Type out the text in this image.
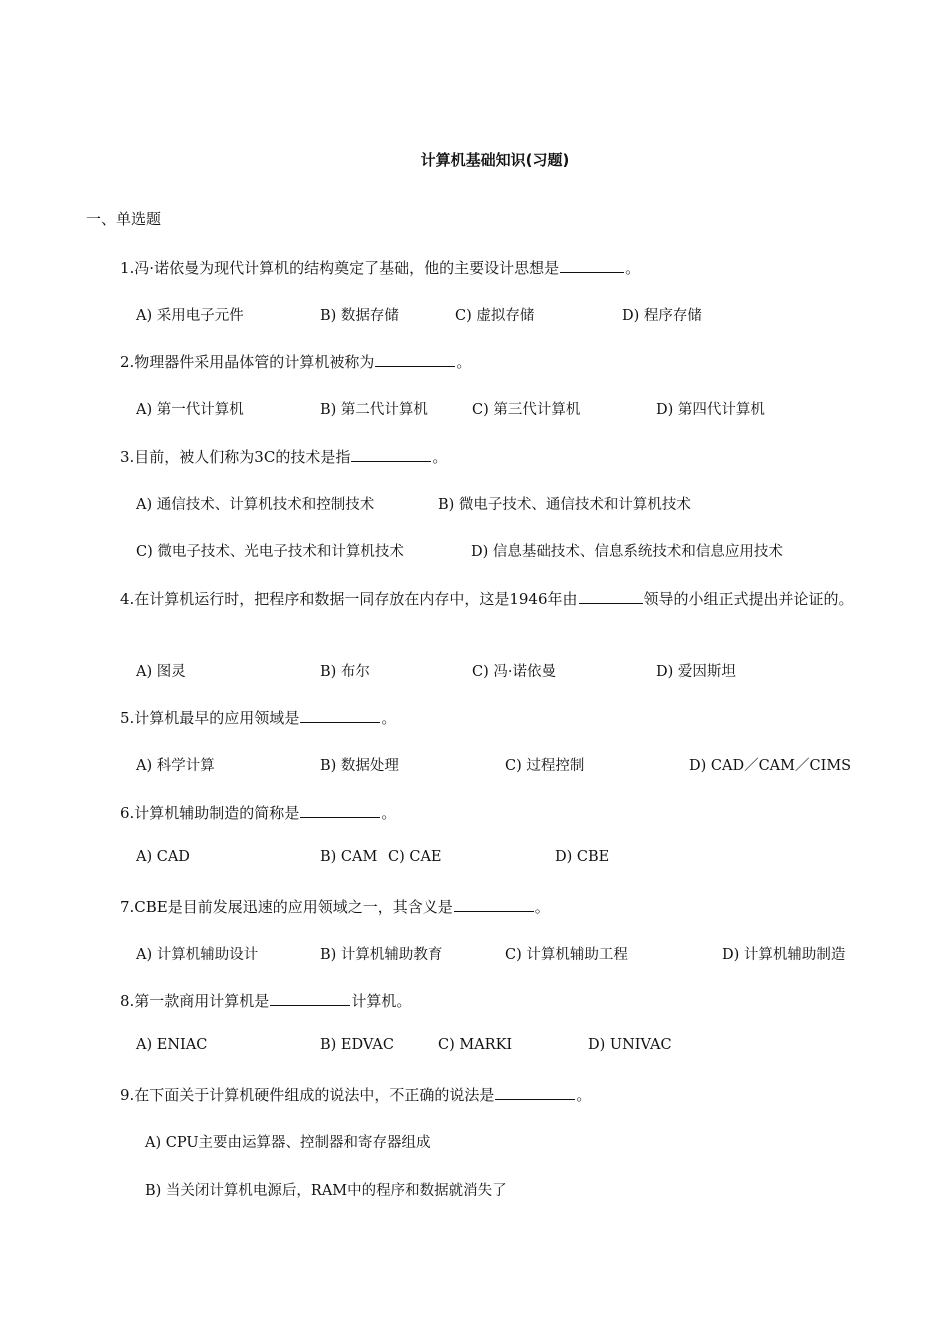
计算机基础知识(习题)
一、单选题
1.冯·诺依曼为现代计算机的结构奠定了基础，他的主要设计思想是	。
A) 采用电子元件	B) 数据存储	C) 虚拟存储	D) 程序存储
2.物理器件采用晶体管的计算机被称为	。
A) 第一代计算机	B) 第二代计算机	C) 第三代计算机	D) 第四代计算机
3.目前，被人们称为3C的技术是指	。
A) 通信技术、计算机技术和控制技术	B) 微电子技术、通信技术和计算机技术
C) 微电子技术、光电子技术和计算机技术	D) 信息基础技术、信息系统技术和信息应用技术
4.在计算机运行时，把程序和数据一同存放在内存中，这是1946年由	领导的小组正式提出并论证的。
A) 图灵	B) 布尔	C) 冯·诺依曼	D) 爱因斯坦
5.计算机最早的应用领域是	。
A) 科学计算	B) 数据处理	C) 过程控制	D) CAD／CAM／CIMS
6.计算机辅助制造的简称是	。
A) CAD	B) CAM C) CAE	D) CBE
7.CBE是目前发展迅速的应用领域之一，其含义是	。
A) 计算机辅助设计	B) 计算机辅助教育	C) 计算机辅助工程	D) 计算机辅助制造
8.第一款商用计算机是	计算机。
A) ENIAC	B) EDVAC	C) MARKI	D) UNIVAC
9.在下面关于计算机硬件组成的说法中，不正确的说法是	。
A) CPU主要由运算器、控制器和寄存器组成
B) 当关闭计算机电源后，RAM中的程序和数据就消失了
